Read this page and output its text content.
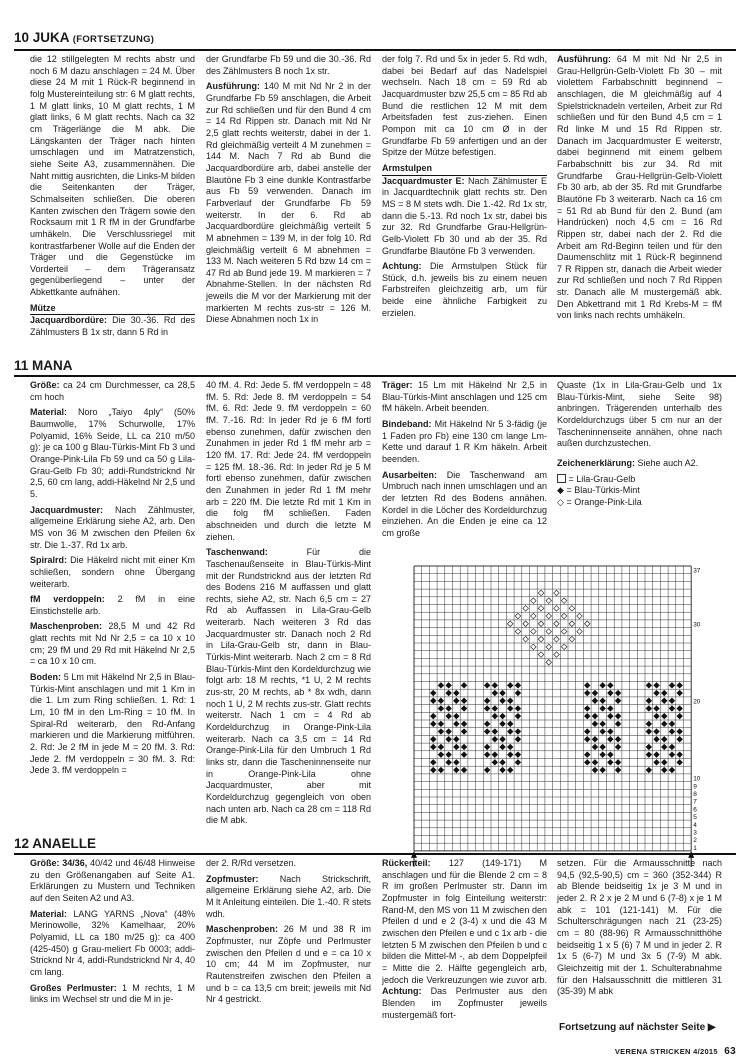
10 JUKA (FORTSETZUNG)

die 12 stillgelegten M rechts abstr und noch 6 M dazu anschlagen = 24 M. Über diese 24 M mit 1 Rück-R beginnend in folg Mustereinteilung str: 6 M glatt rechts, 1 M glatt links, 10 M glatt rechts, 1 M glatt links, 6 M glatt rechts. Nach ca 32 cm Trägerlänge die M abk. Die Längskanten der Träger nach hinten umschlagen und im Matratzenstich, siehe Seite A3, zusammennähen. Die Naht mittig ausrichten, die Links-M bilden die Seitenkanten der Träger, Schmalseiten schließen. Die oberen Kanten zwischen den Trägern sowie den Rocksaum mit 1 R fM in der Grundfarbe umhäkeln. Die Verschlussriegel mit kontrastfarbener Wolle auf die Enden der Träger und die Gegenstücke im Vorderteil – dem Trägeransatz gegenüberliegend – unter der Abkettkante aufnähen.

Mütze

Jacquardbordüre: Die 30.-36. Rd des Zählmusters B 1x str, dann 5 Rd in

der Grundfarbe Fb 59 und die 30.-36. Rd des Zählmusters B noch 1x str.

Ausführung: 140 M mit Nd Nr 2 in der Grundfarbe Fb 59 anschlagen, die Arbeit zur Rd schließen und für den Bund 4 cm = 14 Rd Rippen str. Danach mit Nd Nr 2,5 glatt rechts weiterstr, dabei in der 1. Rd gleichmäßig verteilt 4 M zunehmen = 144 M. Nach 7 Rd ab Bund die Jacquardbordüre arb, dabei anstelle der Blautöne Fb 3 eine dunkle Kontrastfarbe aus Fb 59 verwenden. Danach im Farbverlauf der Grundfarbe Fb 59 weiterstr. In der 6. Rd ab Jacquardbordüre gleichmäßig verteilt 5 M abnehmen = 139 M, in der folg 10. Rd gleichmäßig verteilt 6 M abnehmen = 133 M. Nach weiteren 5 Rd bzw 14 cm = 47 Rd ab Bund jede 19. M markieren = 7 Abnahme-Stellen. In der nächsten Rd jeweils die M vor der Markierung mit der markierten M rechts zus-str = 126 M. Diese Abnahmen noch 1x in

der folg 7. Rd und 5x in jeder 5. Rd wdh, dabei bei Bedarf auf das Nadelspiel wechseln. Nach 18 cm = 59 Rd ab Jacquardmuster bzw 25,5 cm = 85 Rd ab Bund die restlichen 12 M mit dem Arbeitsfaden fest zus-ziehen. Einen Pompon mit ca 10 cm Ø in der Grundfarbe Fb 59 anfertigen und an der Spitze der Mütze befestigen.

Armstulpen

Jacquardmuster E: Nach Zählmuster E in Jacquardtechnik glatt rechts str. Den MS = 8 M stets wdh. Die 1.-42. Rd 1x str, dann die 5.-13. Rd noch 1x str, dabei bis zur 32. Rd Grundfarbe Grau-Hellgrün-Gelb-Violett Fb 30 und ab der 35. Rd Grundfarbe Blautöne Fb 3 verwenden.

Achtung: Die Armstulpen Stück für Stück, d.h. jeweils bis zu einem neuen Farbstreifen gleichzeitig arb, um für beide eine ähnliche Farbigkeit zu erzielen.

Ausführung: 64 M mit Nd Nr 2,5 in Grau-Hellgrün-Gelb-Violett Fb 30 – mit violettem Farbabschnitt beginnend – anschlagen, die M gleichmäßig auf 4 Spielstricknadeln verteilen, Arbeit zur Rd schließen und für den Bund 4,5 cm = 1 Rd linke M und 15 Rd Rippen str. Danach im Jacquardmuster E weiterstr, dabei beginnend mit einem gelbem Farbabschnitt bis zur 34. Rd mit Grundfarbe Grau-Hellgrün-Gelb-Violett Fb 30 arb, ab der 35. Rd mit Grundfarbe Blautöne Fb 3 weiterarb. Nach ca 16 cm = 51 Rd ab Bund für den 2. Bund (am Handrücken) noch 4,5 cm = 16 Rd Rippen str, dabei nach der 2. Rd die Arbeit am Rd-Beginn teilen und für den Daumenschlitz mit 1 Rück-R beginnend 7 R Rippen str, danach die Arbeit wieder zur Rd schließen und noch 7 Rd Rippen str. Danach alle M mustergemäß abk. Den Abkettrand mit 1 Rd Krebs-M = fM von links nach rechts umhäkeln.

11 MANA

Größe: ca 24 cm Durchmesser, ca 28,5 cm hoch

Material: Noro „Taiyo 4ply“ (50% Baumwolle, 17% Schurwolle, 17% Polyamid, 16% Seide, LL ca 210 m/50 g): je ca 100 g Blau-Türkis-Mint Fb 3 und Orange-Pink-Lila Fb 59 und ca 50 g Lila-Grau-Gelb Fb 30; addi-Rundstricknd Nr 2,5, 60 cm lang, addi-Häkelnd Nr 2,5 und 5.

Jacquardmuster: Nach Zählmuster, allgemeine Erklärung siehe A2, arb. Den MS von 36 M zwischen den Pfeilen 6x str. Die 1.-37. Rd 1x arb.

Spiralrd: Die Häkelrd nicht mit einer Km schließen, sondern ohne Übergang weiterarb.

fM verdoppeln: 2 fM in eine Einstichstelle arb.

Maschenproben: 28,5 M und 42 Rd glatt rechts mit Nd Nr 2,5 = ca 10 x 10 cm; 29 fM und 29 Rd mit Häkelnd Nr 2,5 = ca 10 x 10 cm.

Boden: 5 Lm mit Häkelnd Nr 2,5 in Blau-Türkis-Mint anschlagen und mit 1 Km in die 1. Lm zum Ring schließen. 1. Rd: 1 Lm, 10 fM in den Lm-Ring = 10 fM. In Spiral-Rd weiterarb, den Rd-Anfang markieren und die Markierung mitführen. 2. Rd: Je 2 fM in jede M = 20 fM. 3. Rd: Jede 2. fM verdoppeln = 30 fM. 3. Rd: Jede 3. fM verdoppeln =

40 fM. 4. Rd: Jede 5. fM verdoppeln = 48 fM. 5. Rd: Jede 8. fM verdoppeln = 54 fM. 6. Rd: Jede 9. fM verdoppeln = 60 fM. 7.-16. Rd: In jeder Rd je 6 fM fortl ebenso zunehmen, dafür zwischen den Zunahmen in jeder Rd 1 fM mehr arb = 120 fM. 17. Rd: Jede 24. fM verdoppeln = 125 fM. 18.-36. Rd: In jeder Rd je 5 M fortl ebenso zunehmen, dafür zwischen den Zunahmen in jeder Rd 1 fM mehr arb = 220 fM. Die letzte Rd mit 1 Km in die folg fM schließen. Faden abschneiden und durch die letzte M ziehen.

Taschenwand:	Für die Taschenaußenseite in Blau-Türkis-Mint mit der Rundstricknd aus der letzten Rd des Bodens 216 M auffassen und glatt rechts, siehe A2, str. Nach 6,5 cm = 27 Rd ab Auffassen in Lila-Grau-Gelb weiterarb. Nach weiteren 3 Rd das Jacquardmuster str. Danach noch 2 Rd in Lila-Grau-Gelb str, dann in Blau-Türkis-Mint weiterarb. Nach 2 cm = 8 Rd Blau-Türkis-Mint den Kordeldurchzug wie folgt arb: 18 M rechts, *1 U, 2 M rechts zus-str, 20 M rechts, ab * 8x wdh, dann noch 1 U, 2 M rechts zus-str. Glatt rechts weiterstr. Nach 1 cm = 4 Rd ab Kordeldurchzug in Orange-Pink-Lila weiterarb. Nach ca 3,5 cm = 14 Rd Orange-Pink-Lila für den Umbruch 1 Rd links str, dann die Tascheninnenseite nur in Orange-Pink-Lila ohne Jacquardmuster, aber mit Kordeldurchzug gegengleich von oben nach unten arb. Nach ca 28 cm = 118 Rd die M abk.

Träger: 15 Lm mit Häkelnd Nr 2,5 in Blau-Türkis-Mint anschlagen und 125 cm fM häkeln. Arbeit beenden.

Bindeband: Mit Häkelnd Nr 5 3-fädig (je 1 Faden pro Fb) eine 130 cm lange Lm-Kette und darauf 1 R Km häkeln. Arbeit beenden.

Ausarbeiten: Die Taschenwand am Umbruch nach innen umschlagen und an der letzten Rd des Bodens annähen. Kordel in die Löcher des Kordeldurchzug einziehen. An die Enden je eine ca 12 cm große

Quaste (1x in Lila-Grau-Gelb und 1x Blau-Türkis-Mint, siehe Seite 98) anbringen. Trägerenden unterhalb des Kordeldurchzugs über 5 cm nur an der Tascheninnenseite annähen, ohne nach außen durchzustechen.

Zeichenerklärung: Siehe auch A2.

= Lila-Grau-Gelb
◆ = Blau-Türkis-Mint
◇ = Orange-Pink-Lila
1
2
3
4
5
6
7
8
9
10
20
30
37
12 ANAELLE

Größe: 34/36, 40/42 und 46/48 Hinweise zu den Größenangaben auf Seite A1. Erklärungen zu Mustern und Techniken auf den Seiten A2 und A3.

Material: LANG YARNS „Nova“ (48% Merinowolle, 32% Kamelhaar, 20% Polyamid, LL ca 180 m/25 g): ca 400 (425-450) g Grau-meliert Fb 0003; addi-Stricknd Nr 4, addi-Rundstricknd Nr 4, 40 cm lang.

Großes Perlmuster: 1 M rechts, 1 M links im Wechsel str und die M in je-

der 2. R/Rd versetzen.

Zopfmuster: Nach Strickschrift, allgemeine Erklärung siehe A2, arb. Die M lt Anleitung einteilen. Die 1.-40. R stets wdh.

Maschenproben: 26 M und 38 R im Zopfmuster, nur Zöpfe und Perlmuster zwischen den Pfeilen d und e = ca 10 x 10 cm; 44 M im Zopfmuster, nur Rautenstreifen zwischen den Pfeilen a und b = ca 13,5 cm breit; jeweils mit Nd Nr 4 gestrickt.

Rückenteil: 127 (149-171) M anschlagen und für die Blende 2 cm = 8 R im großen Perlmuster str. Dann im Zopfmuster in folg Einteilung weiterstr: Rand-M, den MS von 11 M zwischen den Pfeilen d und e 2 (3-4) x und die 43 M zwischen den Pfeilen e und c 1x arb - die letzten 5 M zwischen den Pfeilen b und c bilden die Mittel-M -, ab dem Doppelpfeil = Mitte die 2. Hälfte gegengleich arb, jedoch die Verkreuzungen wie zuvor arb. Achtung: Das Perlmuster aus den Blenden im Zopfmuster jeweils mustergemäß fort-

setzen. Für die Armausschnitte nach 94,5 (92,5-90,5) cm = 360 (352-344) R ab Blende beidseitig 1x je 3 M und in jeder 2. R 2 x je 2 M und 6 (7-8) x je 1 M abk = 101 (121-141) M. Für die Schulterschrägungen nach 21 (23-25) cm = 80 (88-96) R Armausschnitthöhe beidseitig 1 x 5 (6) 7 M und in jeder 2. R 1x 5 (6-7) M und 3x 5 (7-9) M abk. Gleichzeitig mit der 1. Schulterabnahme für den Halsausschnitt die mittleren 31 (35-39) M abk

Fortsetzung auf nächster Seite ▶
VERENA STRICKEN 4/2015 63
